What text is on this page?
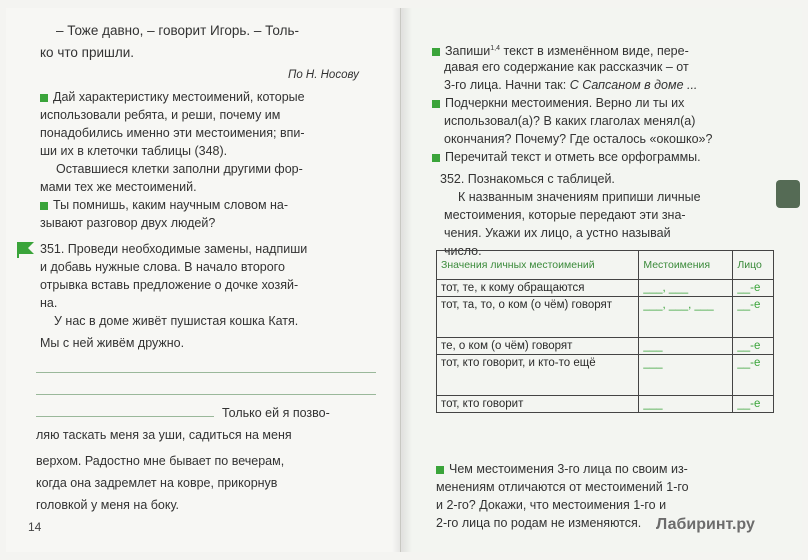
– Тоже давно, – говорит Игорь. – Толь-
ко что пришли.
По Н. Носову
Дай характеристику местоимений, которые
использовали ребята, и реши, почему им
понадобились именно эти местоимения; впи-
ши их в клеточки таблицы (348).
Оставшиеся клетки заполни другими фор-
мами тех же местоимений.
Ты помнишь, каким научным словом на-
зывают разговор двух людей?
351. Проведи необходимые замены, надпиши
и добавь нужные слова. В начало второго
отрывка вставь предложение о дочке хозяй-
на.
У нас в доме живёт пушистая кошка Катя.
Мы с ней живём дружно.
Только ей я позво-
ляю таскать меня за уши, садиться на меня
верхом. Радостно мне бывает по вечерам,
когда она задремлет на ковре, прикорнув
головкой у меня на боку.
14
Запиши$^{1,4}$ текст в изменённом виде, пере-
давая его содержание как рассказчик – от
3-го лица. Начни так: С Сапсаном в доме ...
Подчеркни местоимения. Верно ли ты их
использовал(а)? В каких глаголах менял(а)
окончания? Почему? Где осталось «окошко»?
Перечитай текст и отметь все орфограммы.
352. Познакомься с таблицей.
К названным значениям припиши личные
местоимения, которые передают эти зна-
чения. Укажи их лицо, а устно называй
число.
Значения личных местоимений	Местоимения	Лицо
тот, те, к кому обращаются	___, ___	__-е
тот, та, то, о ком (о чём) говорят	___, ___, ___	__-е
те, о ком (о чём) говорят	___	__-е
тот, кто говорит, и кто-то ещё	___	__-е
тот, кто говорит	___	__-е
Чем местоимения 3-го лица по своим из-
менениям отличаются от местоимений 1-го
и 2-го? Докажи, что местоимения 1-го и
2-го лица по родам не изменяются. Лабиринт.ру
